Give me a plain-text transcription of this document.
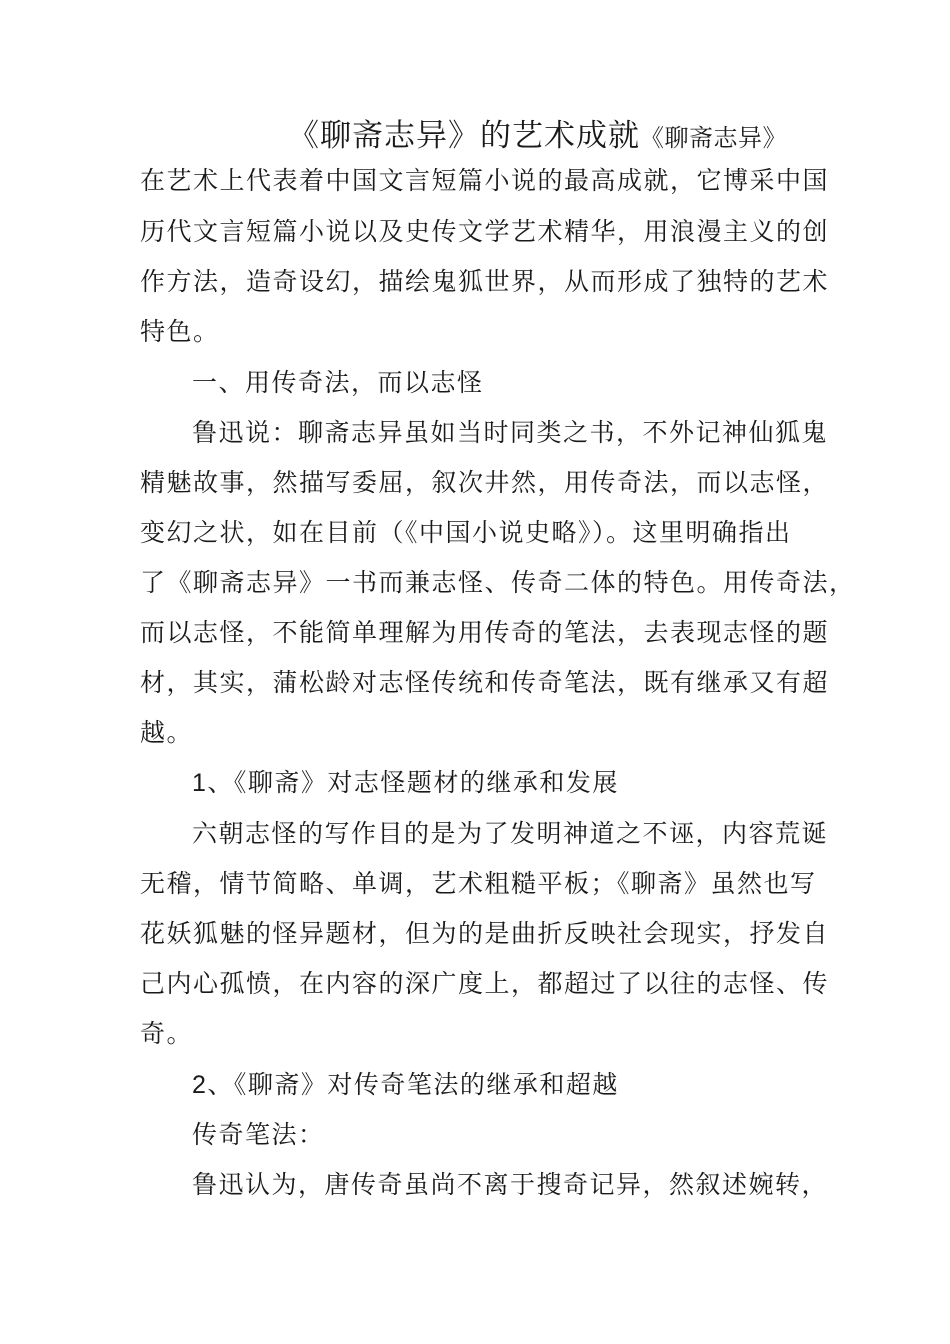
《聊斋志异》的艺术成就《聊斋志异》
在艺术上代表着中国文言短篇小说的最高成就，它博采中国
历代文言短篇小说以及史传文学艺术精华，用浪漫主义的创
作方法，造奇设幻，描绘鬼狐世界，从而形成了独特的艺术
特色。
一、用传奇法，而以志怪
鲁迅说：聊斋志异虽如当时同类之书，不外记神仙狐鬼
精魅故事，然描写委屈，叙次井然，用传奇法，而以志怪，
变幻之状，如在目前（《中国小说史略》）。这里明确指出
了《聊斋志异》一书而兼志怪、传奇二体的特色。用传奇法，
而以志怪，不能简单理解为用传奇的笔法，去表现志怪的题
材，其实，蒲松龄对志怪传统和传奇笔法，既有继承又有超
越。
1、《聊斋》对志怪题材的继承和发展
六朝志怪的写作目的是为了发明神道之不诬，内容荒诞
无稽，情节简略、单调，艺术粗糙平板；《聊斋》虽然也写
花妖狐魅的怪异题材，但为的是曲折反映社会现实，抒发自
己内心孤愤，在内容的深广度上，都超过了以往的志怪、传
奇。
2、《聊斋》对传奇笔法的继承和超越
传奇笔法：
鲁迅认为，唐传奇虽尚不离于搜奇记异，然叙述婉转，
